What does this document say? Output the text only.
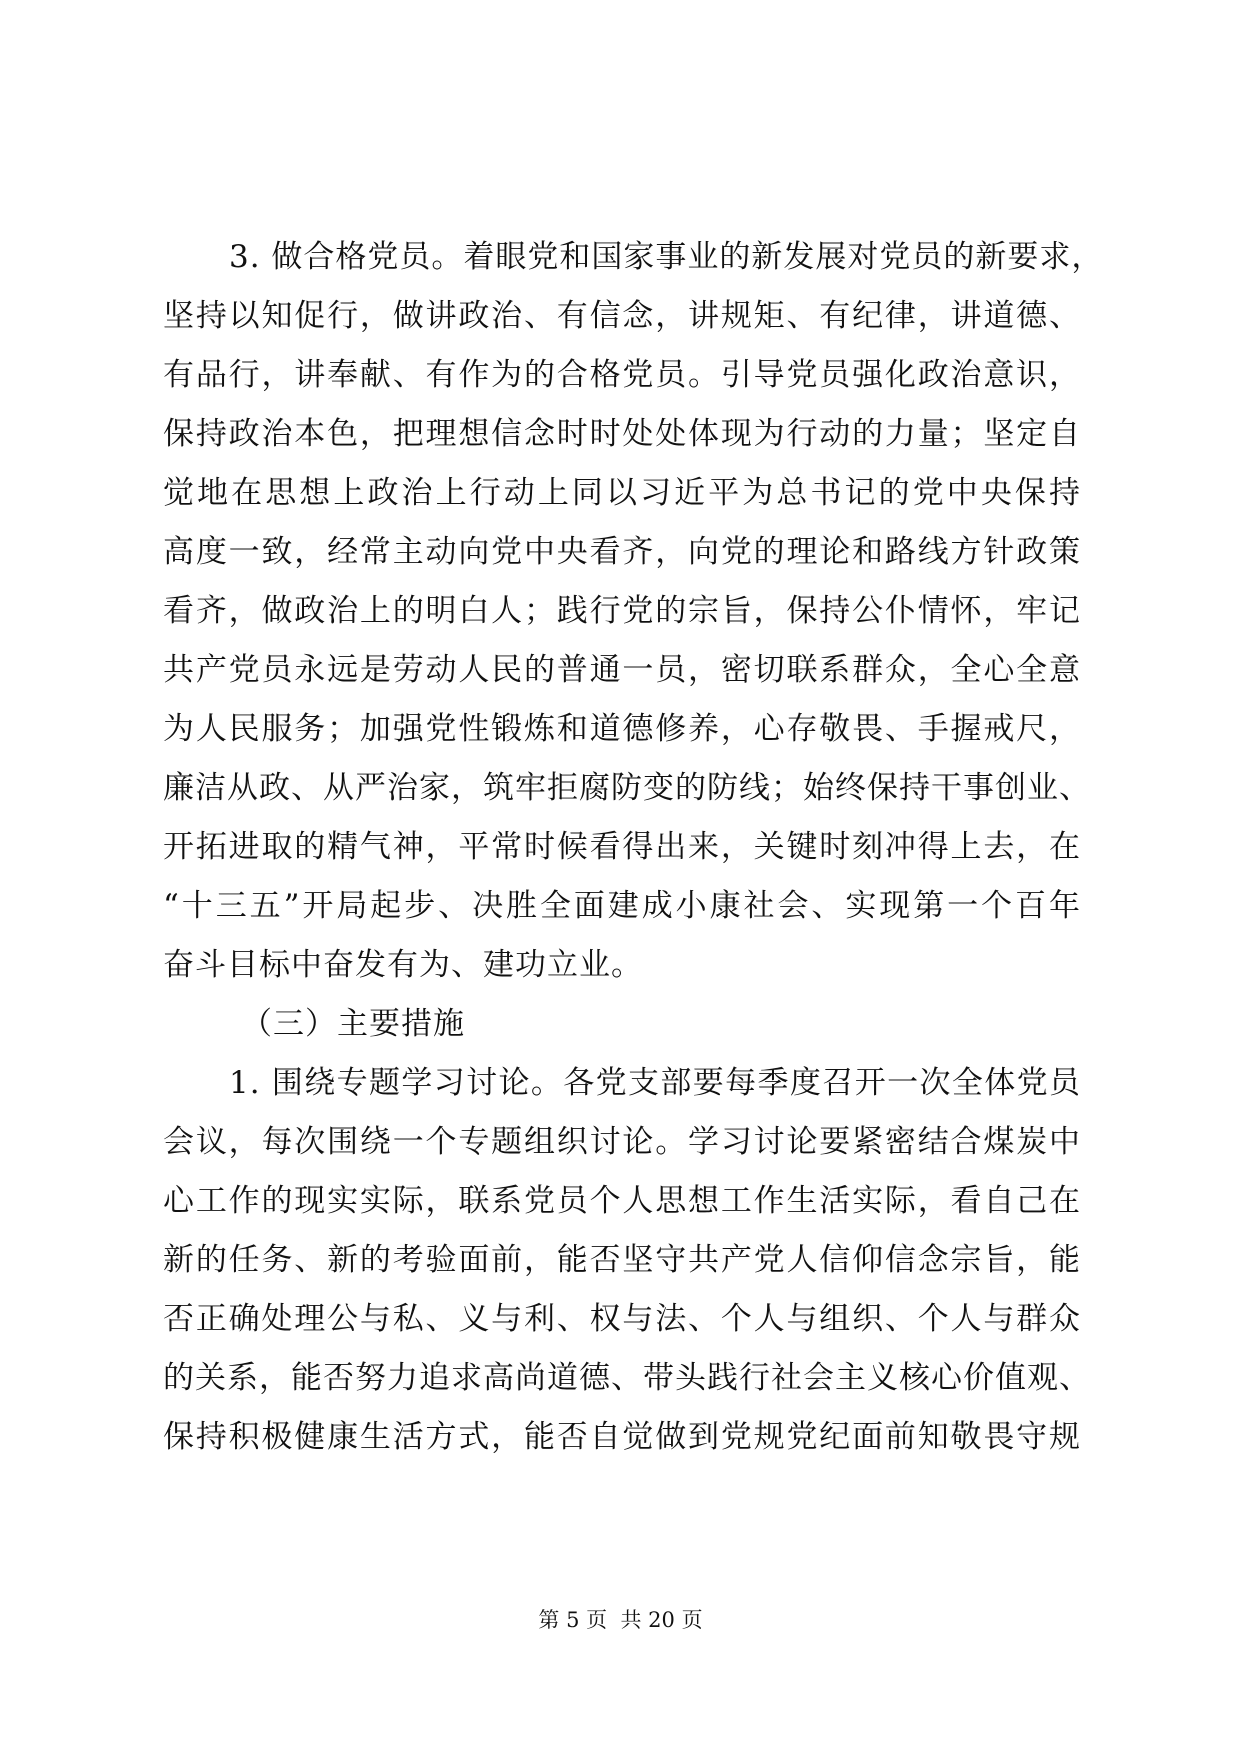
3. 做合格党员。着眼党和国家事业的新发展对党员的新要求，
坚持以知促行，做讲政治、有信念，讲规矩、有纪律，讲道德、
有品行，讲奉献、有作为的合格党员。引导党员强化政治意识，
保持政治本色，把理想信念时时处处体现为行动的力量；坚定自
觉地在思想上政治上行动上同以习近平为总书记的党中央保持
高度一致，经常主动向党中央看齐，向党的理论和路线方针政策
看齐，做政治上的明白人；践行党的宗旨，保持公仆情怀，牢记
共产党员永远是劳动人民的普通一员，密切联系群众，全心全意
为人民服务；加强党性锻炼和道德修养，心存敬畏、手握戒尺，
廉洁从政、从严治家，筑牢拒腐防变的防线；始终保持干事创业、
开拓进取的精气神，平常时候看得出来，关键时刻冲得上去，在
“十三五”开局起步、决胜全面建成小康社会、实现第一个百年
奋斗目标中奋发有为、建功立业。
（三）主要措施
1. 围绕专题学习讨论。各党支部要每季度召开一次全体党员
会议，每次围绕一个专题组织讨论。学习讨论要紧密结合煤炭中
心工作的现实实际，联系党员个人思想工作生活实际，看自己在
新的任务、新的考验面前，能否坚守共产党人信仰信念宗旨，能
否正确处理公与私、义与利、权与法、个人与组织、个人与群众
的关系，能否努力追求高尚道德、带头践行社会主义核心价值观、
保持积极健康生活方式，能否自觉做到党规党纪面前知敬畏守规
第 5 页 共 20 页
